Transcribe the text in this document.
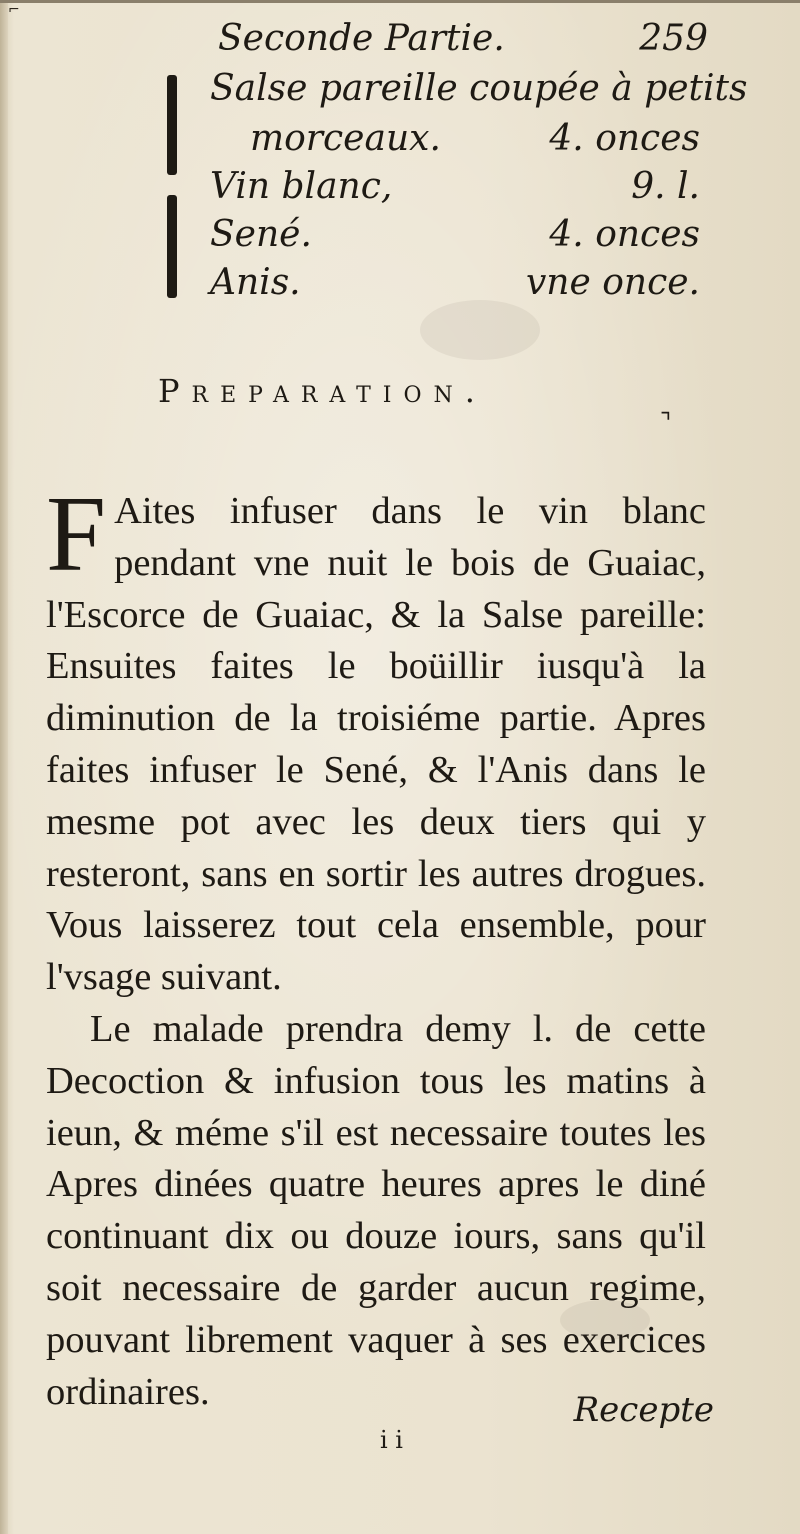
⌐
Seconde Partie.	259
Salse pareille coupée à petits
morceaux.	4. onces
Vin blanc,	9. l.
Sené.	4. onces
Anis.	vne once.
Preparation.
⌝

F Aites infuser dans le vin blanc pendant vne nuit le bois de Guaiac, l'Escorce de Guaiac, & la Salse pareille: Ensuites faites le boüillir iusqu'à la diminution de la troisiéme partie. Apres faites infuser le Sené, & l'Anis dans le mesme pot avec les deux tiers qui y resteront, sans en sortir les autres drogues. Vous laisserez tout cela ensemble, pour l'vsage suivant.

Le malade prendra demy l. de cette Decoction & infusion tous les matins à ieun, & méme s'il est necessaire toutes les Apres dinées quatre heures apres le diné continuant dix ou douze iours, sans qu'il soit necessaire de garder aucun regime, pouvant librement vaquer à ses exercices ordinaires.	Recepte
i i
